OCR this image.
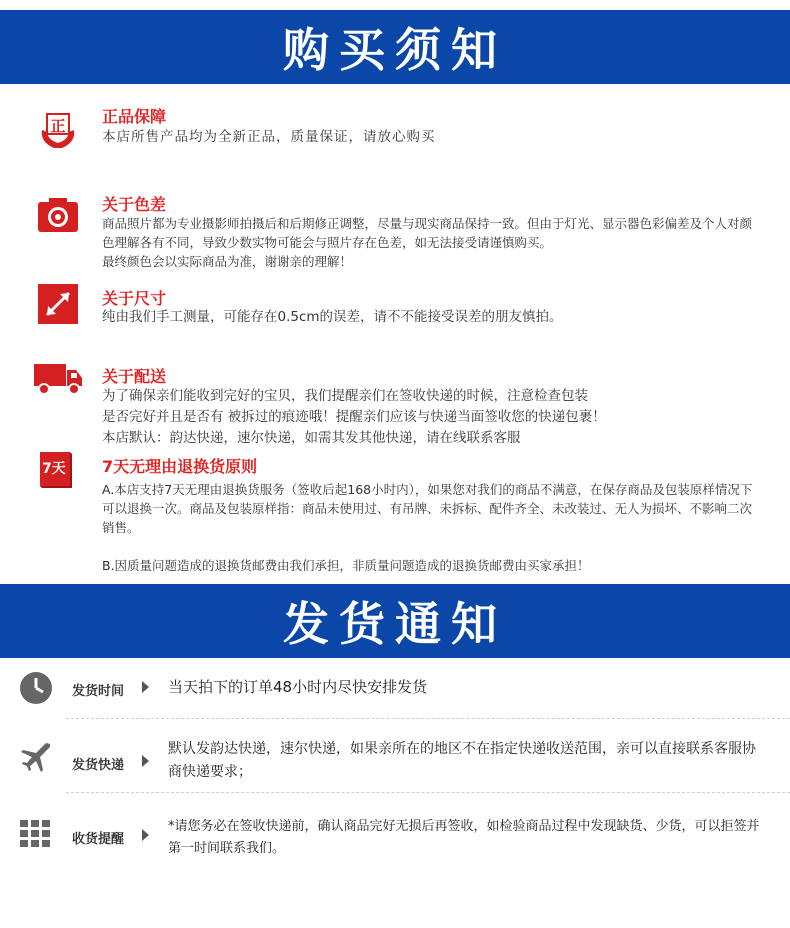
购买须知
正 正品保障

本店所售产品均为全新正品，质量保证，请放心购买

关于色差

商品照片都为专业摄影师拍摄后和后期修正调整，尽量与现实商品保持一致。但由于灯光、显示器色彩偏差及个人对颜色理解各有不同，导致少数实物可能会与照片存在色差，如无法接受请谨慎购买。

最终颜色会以实际商品为准，谢谢亲的理解！

关于尺寸

纯由我们手工测量，可能存在0.5cm的误差，请不不能接受误差的朋友慎拍。

关于配送

为了确保亲们能收到完好的宝贝，我们提醒亲们在签收快递的时候，注意检查包装

是否完好并且是否有 被拆过的痕迹哦！提醒亲们应该与快递当面签收您的快递包裹！

本店默认：韵达快递，速尔快递，如需其发其他快递，请在线联系客服

7天 7天无理由退换货原则

A.本店支持7天无理由退换货服务（签收后起168小时内），如果您对我们的商品不满意，在保存商品及包装原样情况下可以退换一次。商品及包装原样指：商品未使用过、有吊牌、未拆标、配件齐全、未改装过、无人为损坏、不影响二次销售。

B.因质量问题造成的退换货邮费由我们承担，非质量问题造成的退换货邮费由买家承担！

发货通知
发货时间	当天拍下的订单48小时内尽快安排发货
发货快递
默认发韵达快递，速尔快递，如果亲所在的地区不在指定快递收送范围，亲可以直接联系客服协商快递要求；
收货提醒
*请您务必在签收快递前，确认商品完好无损后再签收，如检验商品过程中发现缺货、少货，可以拒签并第一时间联系我们。
